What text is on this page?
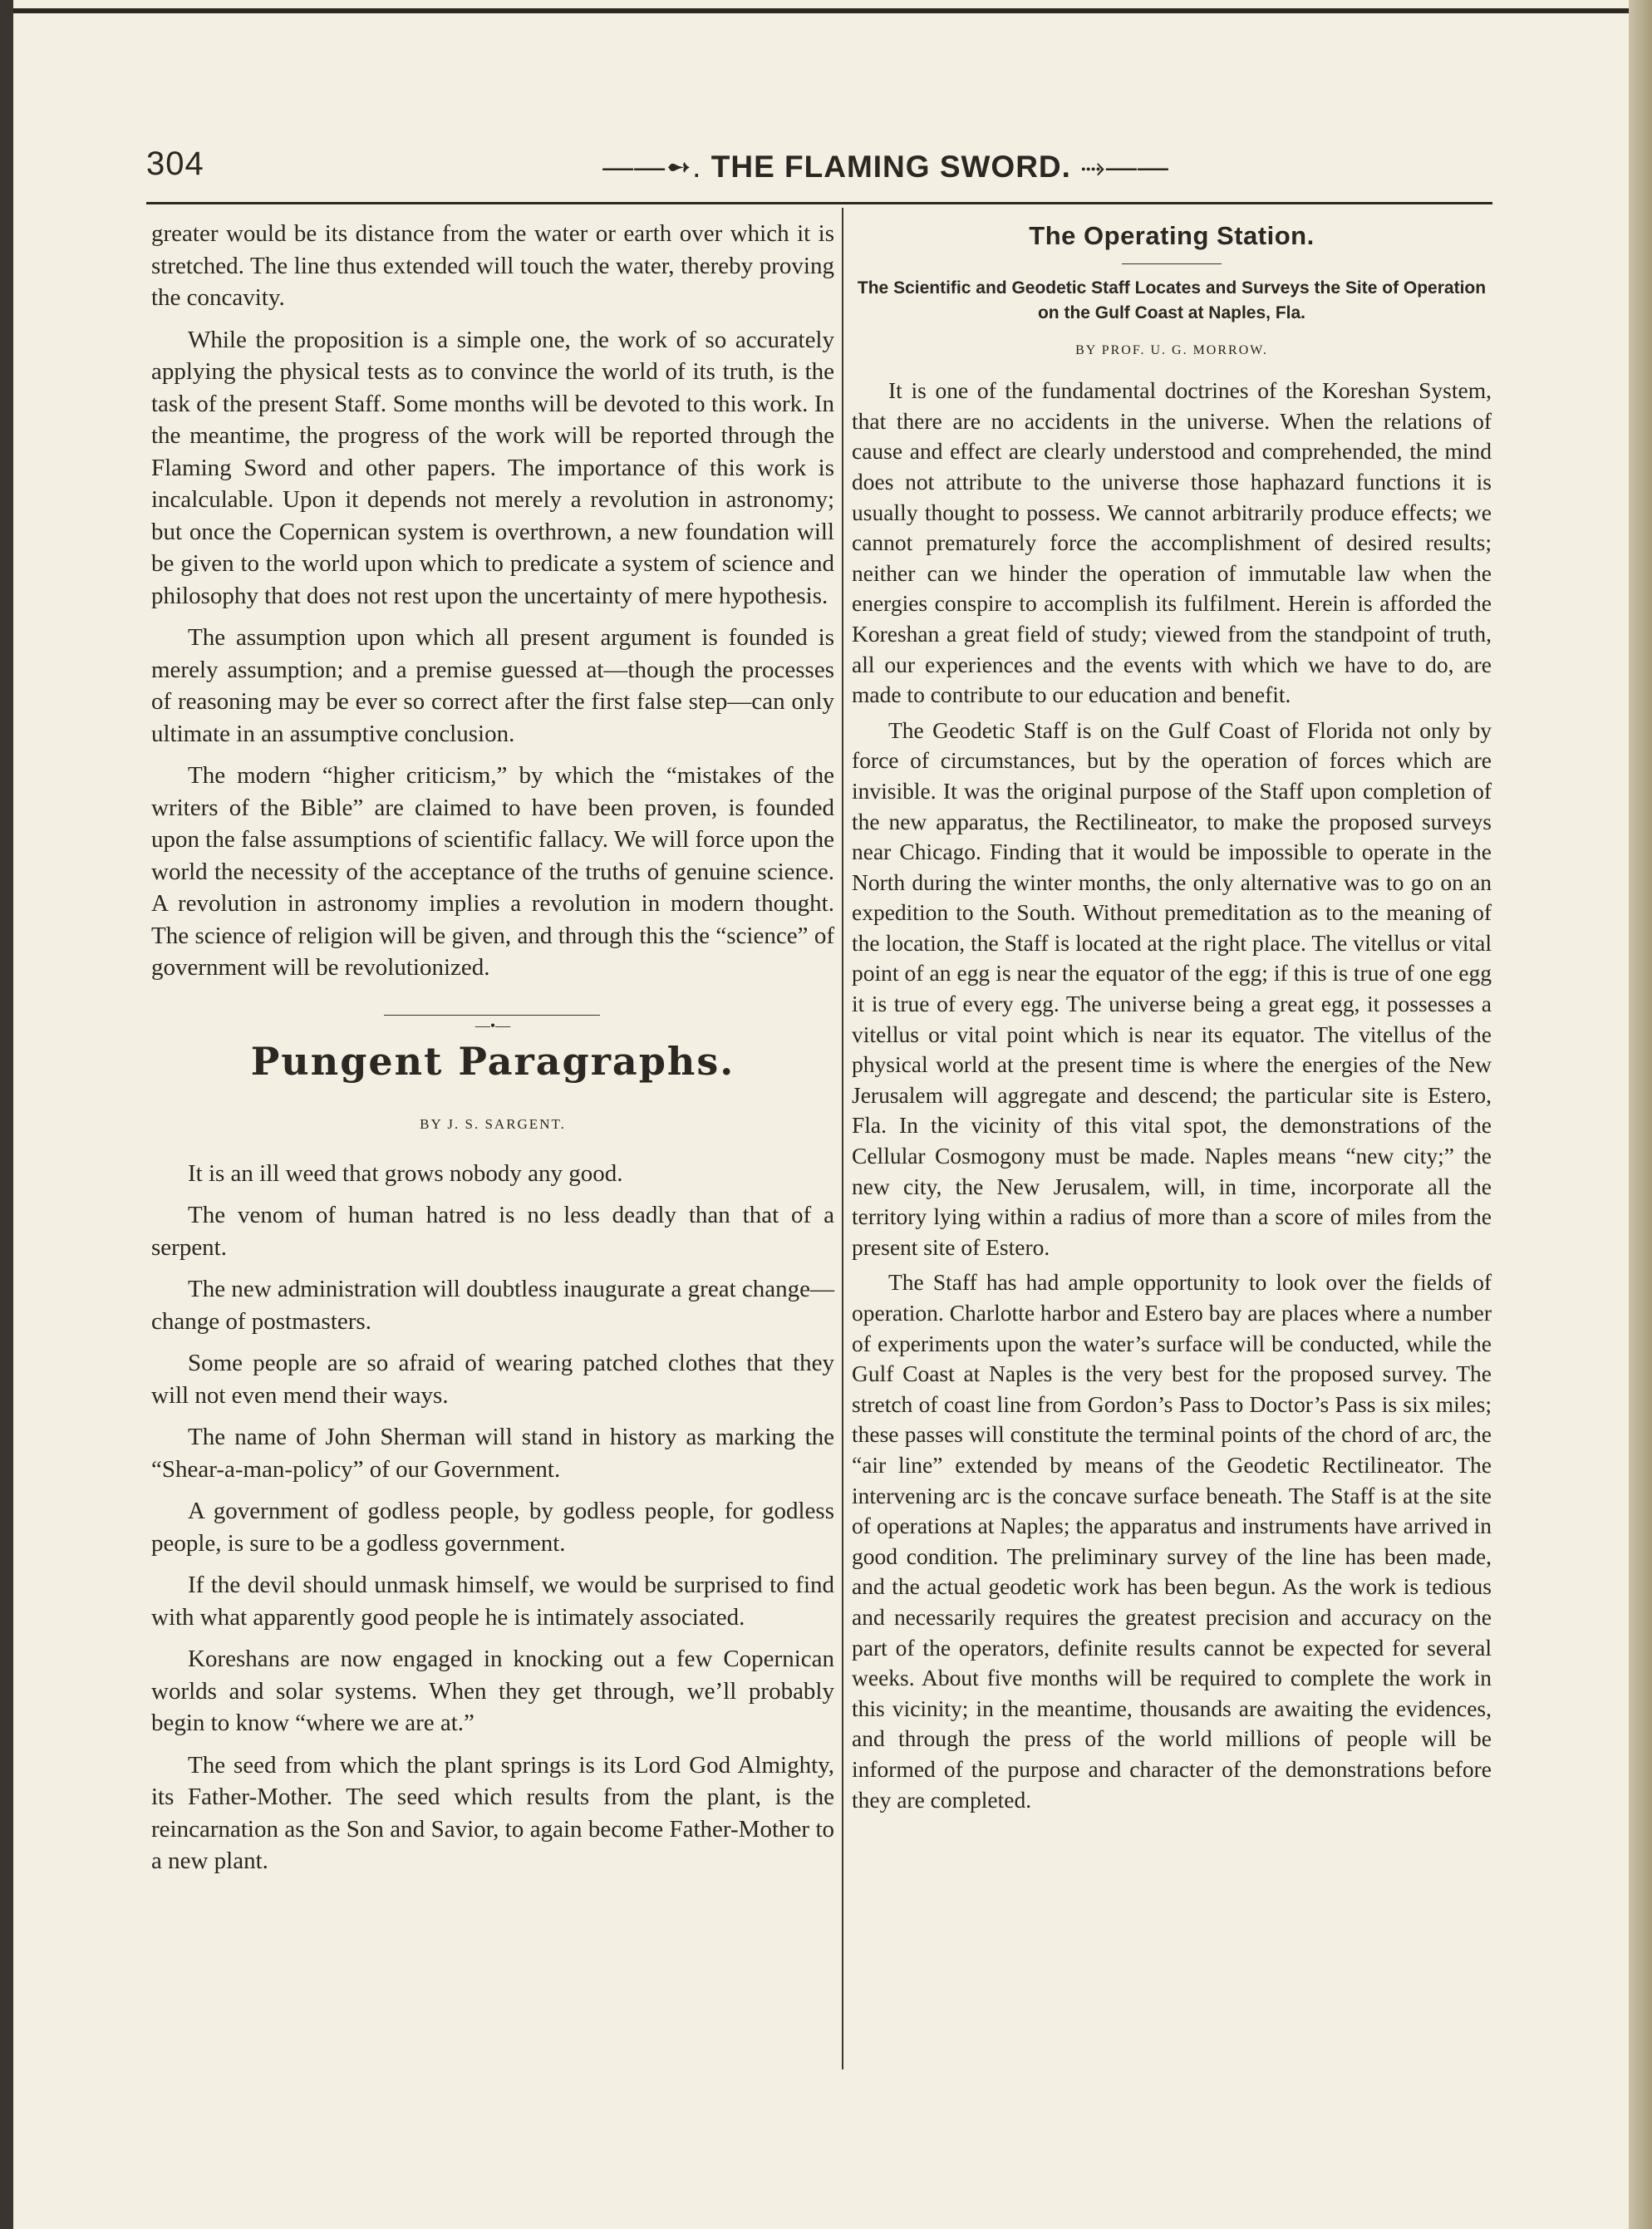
304	——➻. THE FLAMING SWORD. ⤑——

greater would be its distance from the water or earth over which it is stretched. The line thus extended will touch the water, thereby proving the concavity.

While the proposition is a simple one, the work of so accurately applying the physical tests as to convince the world of its truth, is the task of the present Staff. Some months will be devoted to this work. In the meantime, the progress of the work will be reported through the Flaming Sword and other papers. The importance of this work is incalculable. Upon it depends not merely a revolution in astronomy; but once the Copernican system is overthrown, a new foundation will be given to the world upon which to predicate a system of science and philosophy that does not rest upon the uncertainty of mere hypothesis.

The assumption upon which all present argument is founded is merely assumption; and a premise guessed at—though the processes of reasoning may be ever so correct after the first false step—can only ultimate in an assumptive conclusion.

The modern “higher criticism,” by which the “mistakes of the writers of the Bible” are claimed to have been proven, is founded upon the false assumptions of scientific fallacy. We will force upon the world the necessity of the acceptance of the truths of genuine science. A revolution in astronomy implies a revolution in modern thought. The science of religion will be given, and through this the “science” of government will be revolutionized.

—•—
Pungent Paragraphs.
BY J. S. SARGENT.

It is an ill weed that grows nobody any good.

The venom of human hatred is no less deadly than that of a serpent.

The new administration will doubtless inaugurate a great change—change of postmasters.

Some people are so afraid of wearing patched clothes that they will not even mend their ways.

The name of John Sherman will stand in history as marking the “Shear-a-man-policy” of our Government.

A government of godless people, by godless people, for godless people, is sure to be a godless government.

If the devil should unmask himself, we would be surprised to find with what apparently good people he is intimately associated.

Koreshans are now engaged in knocking out a few Copernican worlds and solar systems. When they get through, we’ll probably begin to know “where we are at.”

The seed from which the plant springs is its Lord God Almighty, its Father-Mother. The seed which results from the plant, is the reincarnation as the Son and Savior, to again become Father-Mother to a new plant.

The Operating Station.
The Scientific and Geodetic Staff Locates and Surveys the Site of Operation on the Gulf Coast at Naples, Fla.
BY PROF. U. G. MORROW.

It is one of the fundamental doctrines of the Koreshan System, that there are no accidents in the universe. When the relations of cause and effect are clearly understood and comprehended, the mind does not attribute to the universe those haphazard functions it is usually thought to possess. We cannot arbitrarily produce effects; we cannot prematurely force the accomplishment of desired results; neither can we hinder the operation of immutable law when the energies conspire to accomplish its fulfilment. Herein is afforded the Koreshan a great field of study; viewed from the standpoint of truth, all our experiences and the events with which we have to do, are made to contribute to our education and benefit.

The Geodetic Staff is on the Gulf Coast of Florida not only by force of circumstances, but by the operation of forces which are invisible. It was the original purpose of the Staff upon completion of the new apparatus, the Rectilineator, to make the proposed surveys near Chicago. Finding that it would be impossible to operate in the North during the winter months, the only alternative was to go on an expedition to the South. Without premeditation as to the meaning of the location, the Staff is located at the right place. The vitellus or vital point of an egg is near the equator of the egg; if this is true of one egg it is true of every egg. The universe being a great egg, it possesses a vitellus or vital point which is near its equator. The vitellus of the physical world at the present time is where the energies of the New Jerusalem will aggregate and descend; the particular site is Estero, Fla. In the vicinity of this vital spot, the demonstrations of the Cellular Cosmogony must be made. Naples means “new city;” the new city, the New Jerusalem, will, in time, incorporate all the territory lying within a radius of more than a score of miles from the present site of Estero.

The Staff has had ample opportunity to look over the fields of operation. Charlotte harbor and Estero bay are places where a number of experiments upon the water’s surface will be conducted, while the Gulf Coast at Naples is the very best for the proposed survey. The stretch of coast line from Gordon’s Pass to Doctor’s Pass is six miles; these passes will constitute the terminal points of the chord of arc, the “air line” extended by means of the Geodetic Rectilineator. The intervening arc is the concave surface beneath. The Staff is at the site of operations at Naples; the apparatus and instruments have arrived in good condition. The preliminary survey of the line has been made, and the actual geodetic work has been begun. As the work is tedious and necessarily requires the greatest precision and accuracy on the part of the operators, definite results cannot be expected for several weeks. About five months will be required to complete the work in this vicinity; in the meantime, thousands are awaiting the evidences, and through the press of the world millions of people will be informed of the purpose and character of the demonstrations before they are completed.
